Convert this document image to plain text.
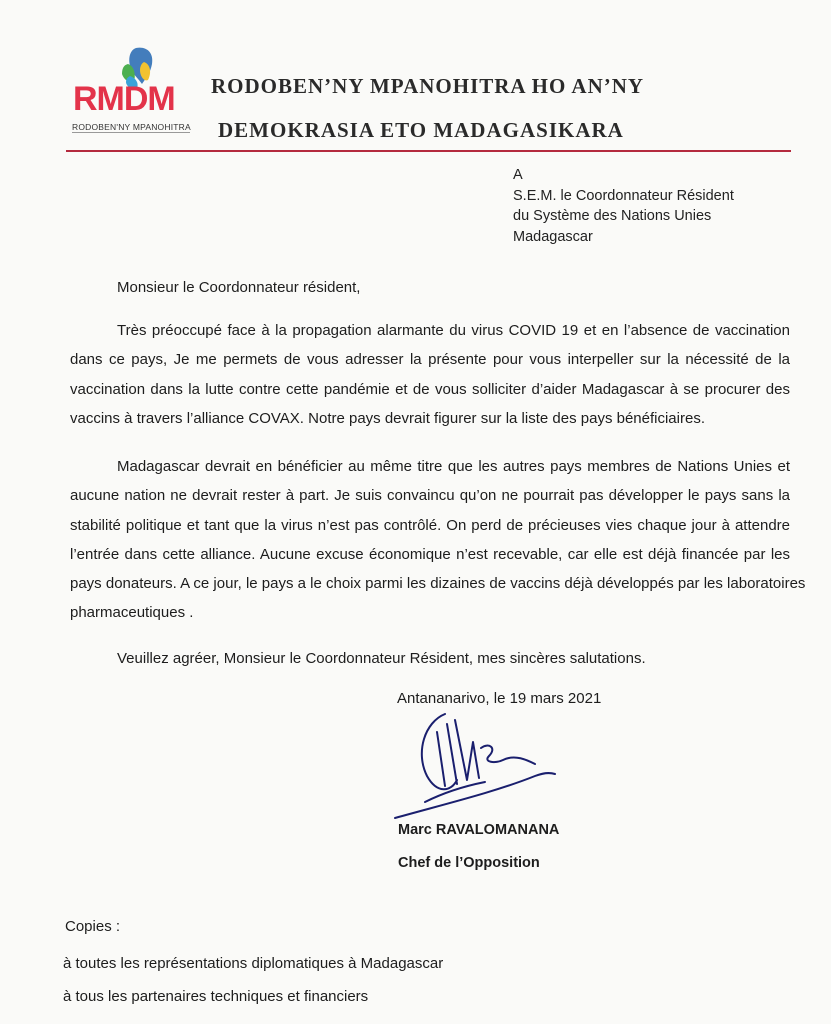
RMDM
RODOBEN'NY MPANOHITRA
RODOBEN’NY MPANOHITRA HO AN’NY
DEMOKRASIA ETO MADAGASIKARA
A
S.E.M. le Coordonnateur Résident
du Système des Nations Unies
Madagascar
Monsieur le Coordonnateur résident,
Très préoccupé face à la propagation alarmante du virus COVID 19 et en l’absence de vaccination
dans ce pays, Je me permets de vous adresser la présente pour vous interpeller sur la nécessité de la
vaccination dans la lutte contre cette pandémie et de vous solliciter d’aider Madagascar à se procurer des
vaccins à travers l’alliance COVAX. Notre pays devrait figurer sur la liste des pays bénéficiaires.
Madagascar devrait en bénéficier au même titre que les autres pays membres de Nations Unies et
aucune nation ne devrait rester à part. Je suis convaincu qu’on ne pourrait pas développer le pays sans la
stabilité politique et tant que la virus n’est pas contrôlé. On perd de précieuses vies chaque jour à attendre
l’entrée dans cette alliance. Aucune excuse économique n’est recevable, car elle est déjà financée par les
pays donateurs. A ce jour, le pays a le choix parmi les dizaines de vaccins déjà développés par les laboratoires
pharmaceutiques .
Veuillez agréer, Monsieur le Coordonnateur Résident, mes sincères salutations.
Antananarivo, le 19 mars 2021
Marc RAVALOMANANA
Chef de l’Opposition
Copies :
à toutes les représentations diplomatiques à Madagascar
à tous les partenaires techniques et financiers
